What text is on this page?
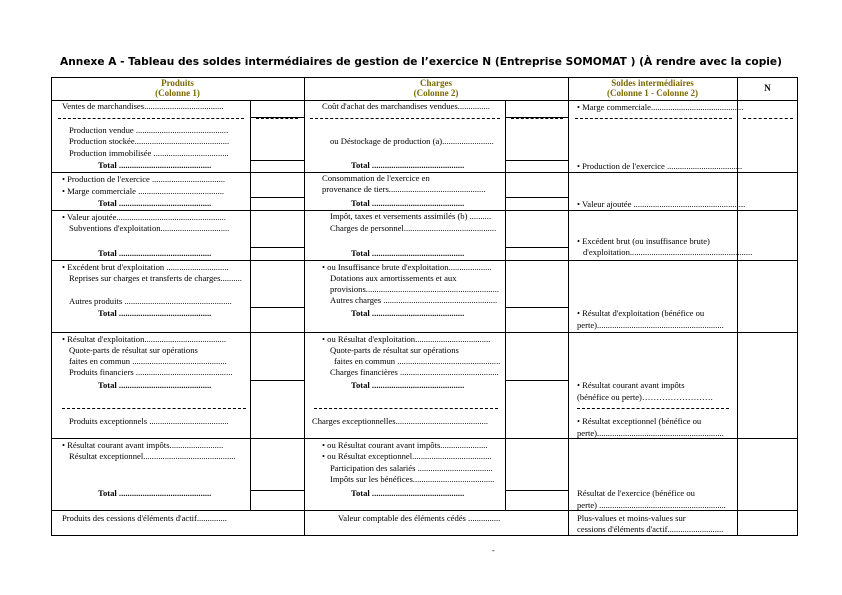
Annexe A - Tableau des soldes intermédiaires de gestion de l’exercice N (Entreprise SOMOMAT ) (À rendre avec la copie)
Produits
(Colonne 1)
Charges
(Colonne 2)
Soldes intermédiaires
(Colonne 1 - Colonne 2)	N
Ventes de marchandises.....................................
Production vendue ...........................................
Production stockée............................................
Production immobilisée ...................................
Total ...........................................
• Production de l'exercice ..................................
• Marge commerciale ........................................
Total ...........................................
• Valeur ajoutée...................................................
Subventions d'exploitation................................
Total ...........................................
• Excédent brut d'exploitation .............................
Reprises sur charges et transferts de charges..........
Autres produits ..................................................
Total ...........................................
• Résultat d'exploitation......................................
Quote-parts de résultat sur opérations
faites en commun ............................................
Produits financiers .............................................
Total ...........................................
Produits exceptionnels .....................................
• Résultat courant avant impôts.........................
Résultat exceptionnel...........................................
Total ...........................................
Produits des cessions d'éléments d'actif..............
Coût d'achat des marchandises vendues...............
ou Déstockage de production (a)........................
Total ...........................................
Consommation de l'exercice en
provenance de tiers.............................................
Total ...........................................
Impôt, taxes et versements assimilés (b) ..........
Charges de personnel...........................................
Total ...........................................
• ou Insuffisance brute d'exploitation....................
Dotations aux amortissements et aux
provisions..............................................................
Autres charges .....................................................
Total ...........................................
• ou Résultat d'exploitation...................................
Quote-parts de résultat sur opérations
faites en commun ................................................
Charges financières ..............................................
Total ...........................................
Charges exceptionnelles...........................................
• ou Résultat courant avant impôts......................
• ou Résultat exceptionnel.....................................
Participation des salariés ...................................
Impôts sur les bénéfices......................................
Total ...........................................
Valeur comptable des éléments cédés ...............
• Marge commerciale...........................................
• Production de l'exercice ...................................
• Valeur ajoutée ....................................................
• Excédent brut (ou insuffisance brute)
d'exploitation.........................................................
• Résultat d'exploitation (bénéfice ou
perte)...........................................................
• Résultat courant avant impôts
(bénéfice ou perte)…………………….
• Résultat exceptionnel (bénéfice ou
perte)...........................................................
Résultat de l'exercice (bénéfice ou
perte) ...........................................................
Plus-values et moins-values sur
cessions d'éléments d'actif..........................
-
